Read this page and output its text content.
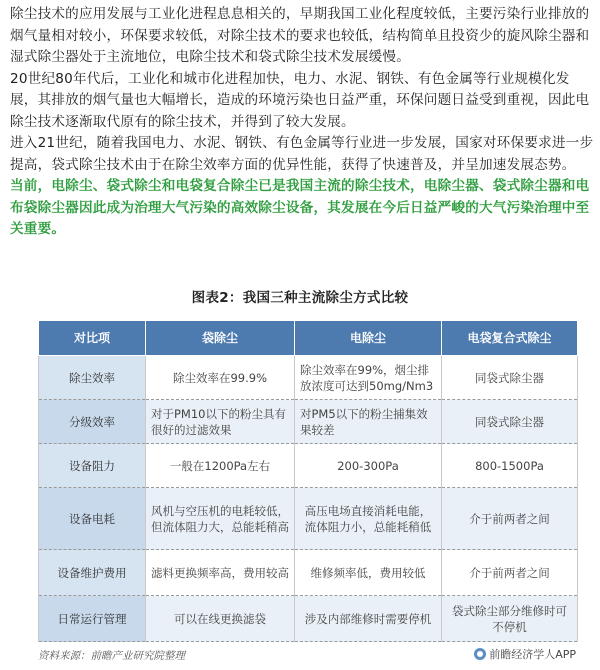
除尘技术的应用发展与工业化进程息息相关的，早期我国工业化程度较低，主要污染行业排放的烟气量相对较小，环保要求较低，对除尘技术的要求也较低，结构简单且投资少的旋风除尘器和湿式除尘器处于主流地位，电除尘技术和袋式除尘技术发展缓慢。

20世纪80年代后，工业化和城市化进程加快，电力、水泥、钢铁、有色金属等行业规模化发展，其排放的烟气量也大幅增长，造成的环境污染也日益严重，环保问题日益受到重视，因此电除尘技术逐渐取代原有的除尘技术，并得到了较大发展。

进入21世纪，随着我国电力、水泥、钢铁、有色金属等行业进一步发展，国家对环保要求进一步提高，袋式除尘技术由于在除尘效率方面的优异性能，获得了快速普及，并呈加速发展态势。

当前，电除尘、袋式除尘和电袋复合除尘已是我国主流的除尘技术，电除尘器、袋式除尘器和电布袋除尘器因此成为治理大气污染的高效除尘设备，其发展在今后日益严峻的大气污染治理中至关重要。

图表2：我国三种主流除尘方式比较
对比项	袋除尘	电除尘	电袋复合式除尘
除尘效率	除尘效率在99.9%	除尘效率在99%，烟尘排放浓度可达到50mg/Nm3	同袋式除尘器
分级效率	对于PM10以下的粉尘具有很好的过滤效果	对PM5以下的粉尘捕集效果较差	同袋式除尘器
设备阻力	一般在1200Pa左右	200-300Pa	800-1500Pa
设备电耗	风机与空压机的电耗较低，但流体阻力大，总能耗稍高	高压电场直接消耗电能，流体阻力小，总能耗稍低	介于前两者之间
设备维护费用	滤料更换频率高，费用较高	维修频率低，费用较低	介于前两者之间
日常运行管理	可以在线更换滤袋	涉及内部维修时需要停机	袋式除尘部分维修时可不停机
资料来源：前瞻产业研究院整理	前瞻经济学人APP
